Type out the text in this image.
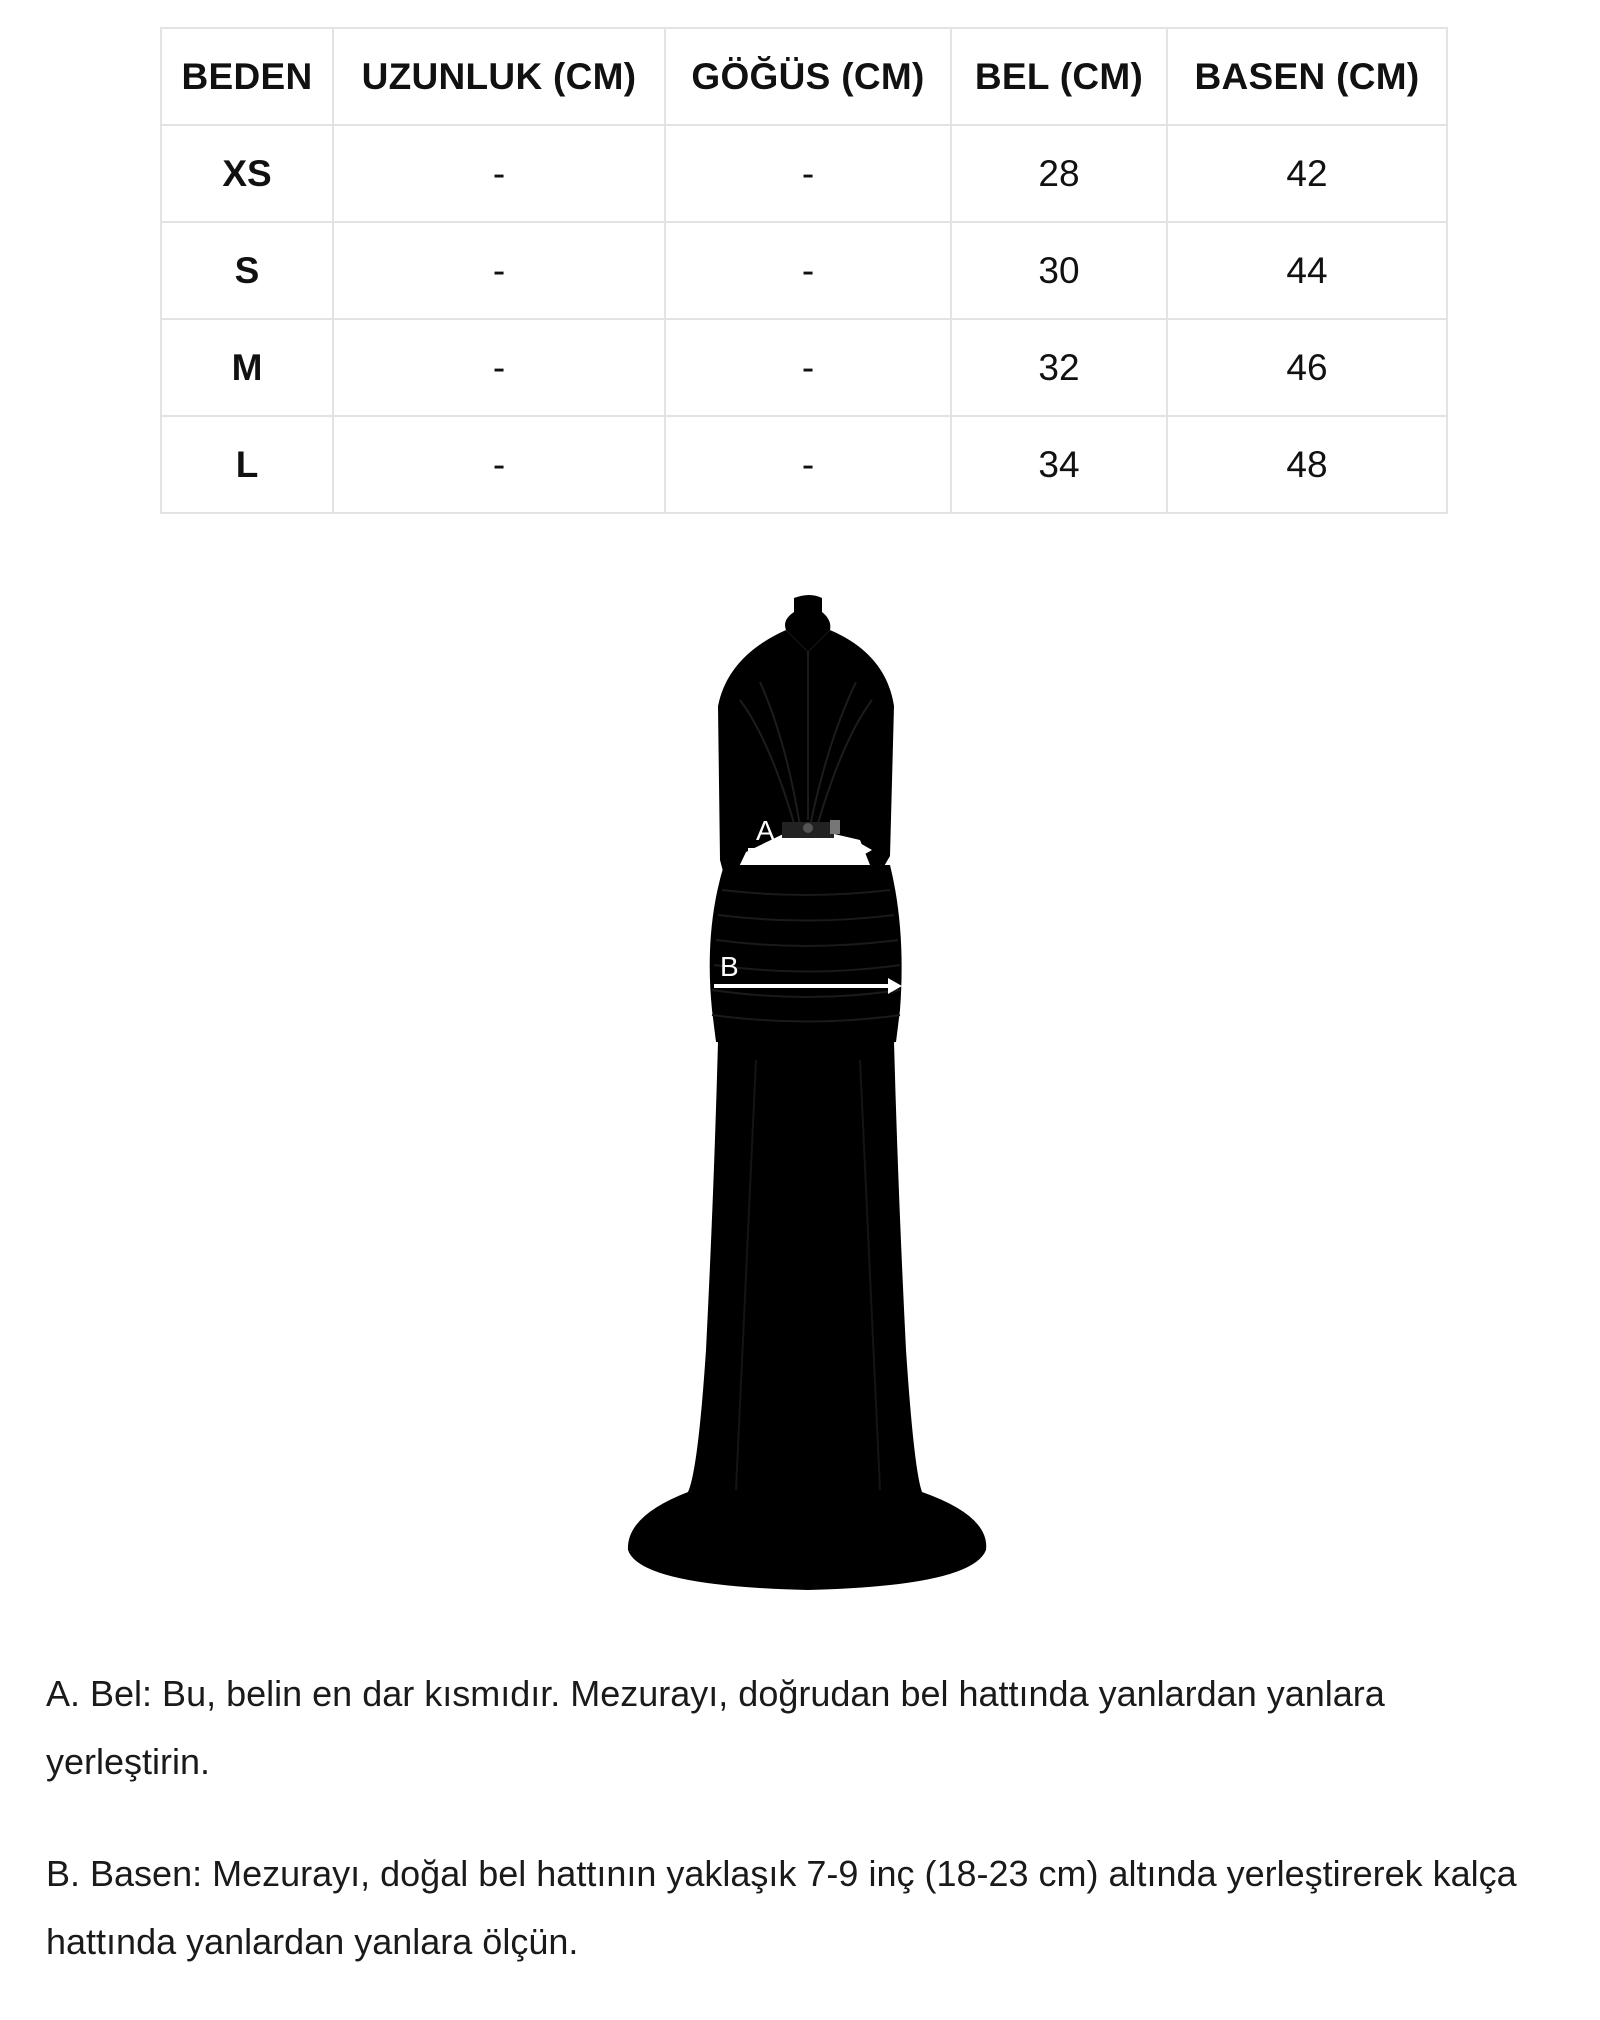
BEDEN	UZUNLUK (CM)	GÖĞÜS (CM)	BEL (CM)	BASEN (CM)
XS	-	-	28	42
S	-	-	30	44
M	-	-	32	46
L	-	-	34	48
A
B

A. Bel: Bu, belin en dar kısmıdır. Mezurayı, doğrudan bel hattında yanlardan yanlara yerleştirin.

B. Basen: Mezurayı, doğal bel hattının yaklaşık 7-9 inç (18-23 cm) altında yerleştirerek kalça hattında yanlardan yanlara ölçün.
